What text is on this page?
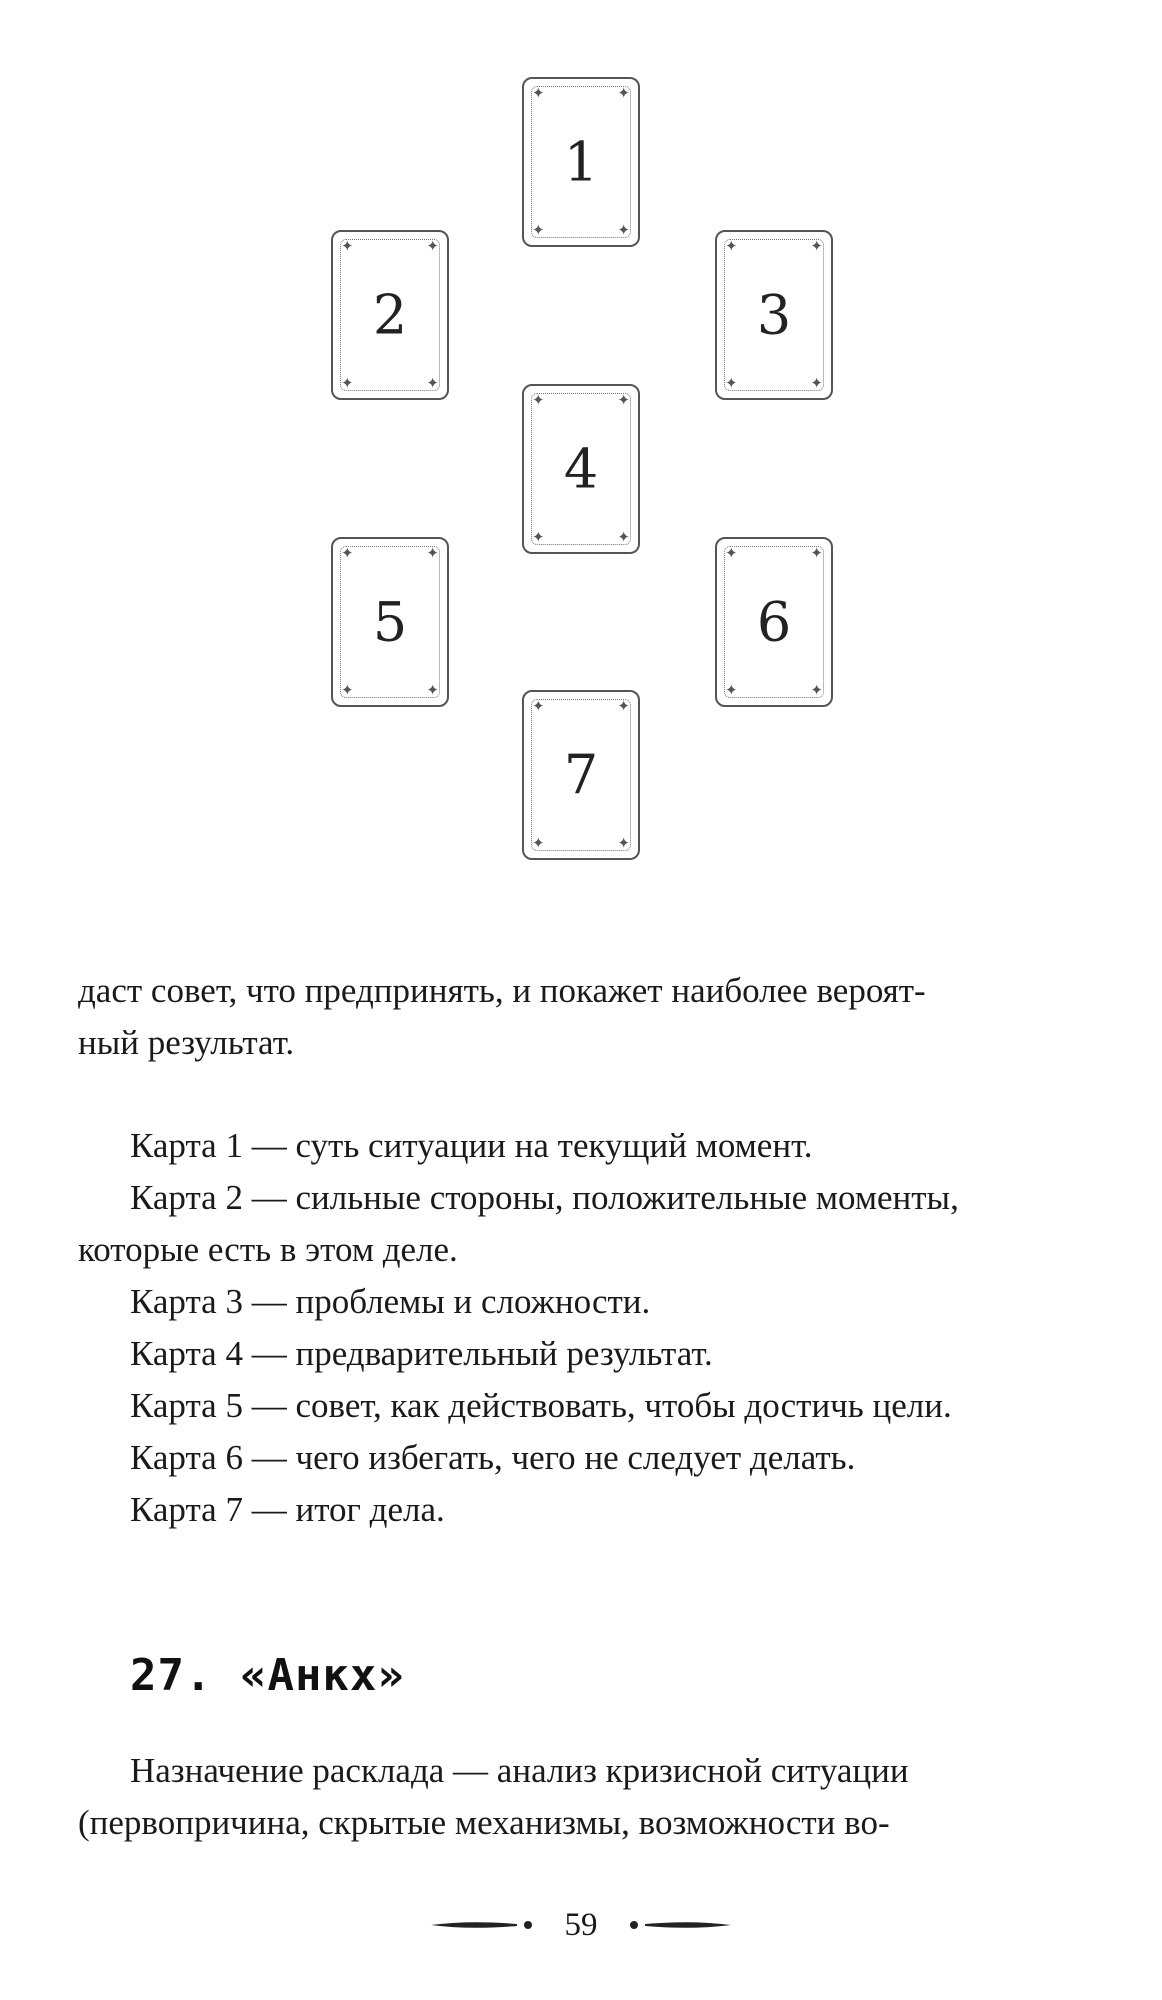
✦	✦
✦	✦
1
✦	✦
✦	✦
2
✦	✦
✦	✦
3
✦	✦
✦	✦
4
✦	✦
✦	✦
5
✦	✦
✦	✦
6
✦	✦
✦	✦
7

даст совет, что предпринять, и покажет наиболее вероят-

ный результат.

Карта 1 — суть ситуации на текущий момент.

Карта 2 — сильные стороны, положительные моменты, которые есть в этом деле.

Карта 3 — проблемы и сложности.

Карта 4 — предварительный результат.

Карта 5 — совет, как действовать, чтобы достичь цели.

Карта 6 — чего избегать, чего не следует делать.

Карта 7 — итог дела.

27. «Анкх»

Назначение расклада — анализ кризисной ситуации (первопричина, скрытые механизмы, возможности во-

59
